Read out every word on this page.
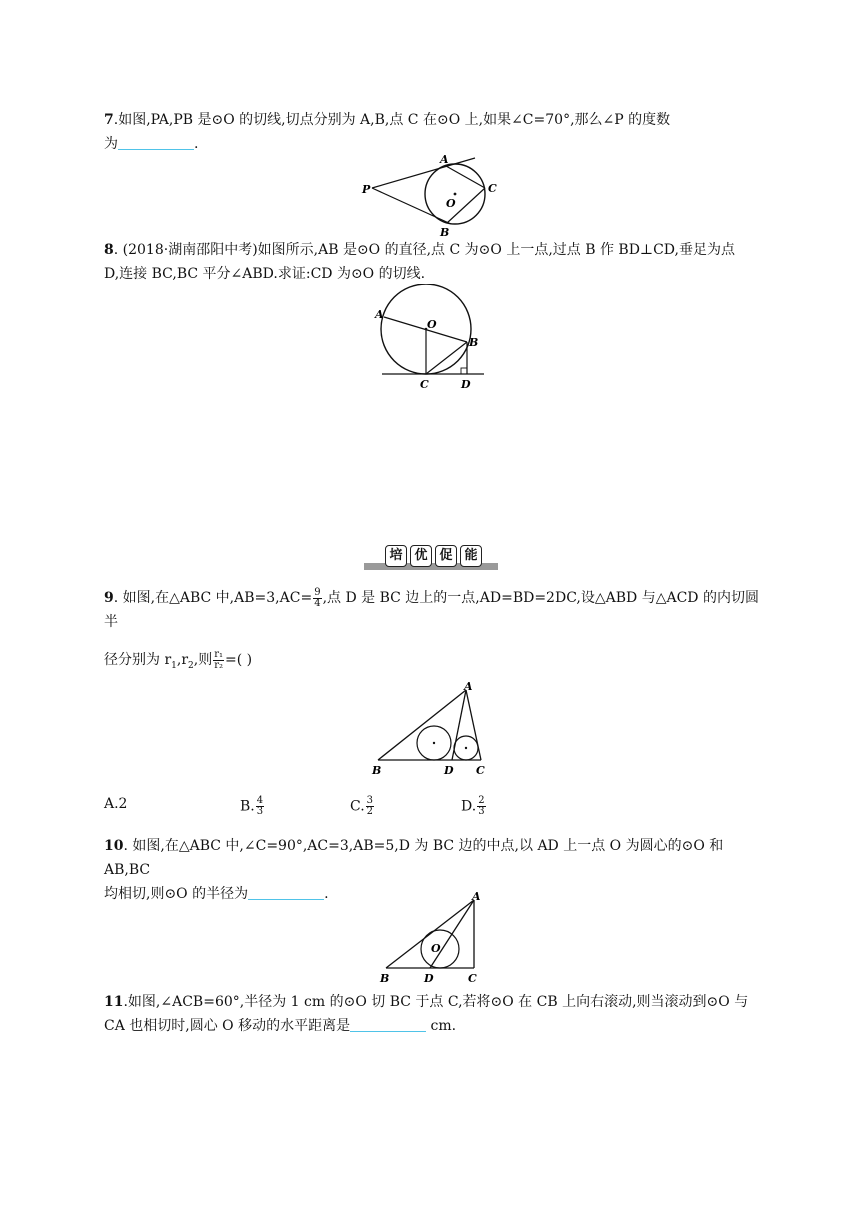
7.如图,PA,PB 是⊙O 的切线,切点分别为 A,B,点 C 在⊙O 上,如果∠C=70°,那么∠P 的度数
为	.
P
A
C
O
B
8. (2018·湖南邵阳中考)如图所示,AB 是⊙O 的直径,点 C 为⊙O 上一点,过点 B 作 BD⊥CD,垂足为点
D,连接 BC,BC 平分∠ABD.求证:CD 为⊙O 的切线.
A
O
B
C	D
培 优 促 能
9. 如图,在△ABC 中$,AB=3,AC= \frac{9}{4}$ ,点 D 是 BC 边上的一点,AD=BD=2DC,设△ABD 与△ACD 的内切圆半
径分别为 $r_1,r_2$,则 $\frac{\text{r₁}}{\text{r₂}}$ =( )
A
B	D C
A.2	B. $\frac{4}{3}$	C. $\frac{3}{2}$	D. $\frac{2}{3}$
10. 如图,在△ABC 中,∠C=90°,AC=3,AB=5,D 为 BC 边的中点,以 AD 上一点 O 为圆心的⊙O 和 AB,BC
均相切,则⊙O 的半径为	.	A
O
B	D	C
11.如图,∠ACB=60°,半径为 1 cm 的⊙O 切 BC 于点 C,若将⊙O 在 CB 上向右滚动,则当滚动到⊙O 与
CA 也相切时,圆心 O 移动的水平距离是	cm.
